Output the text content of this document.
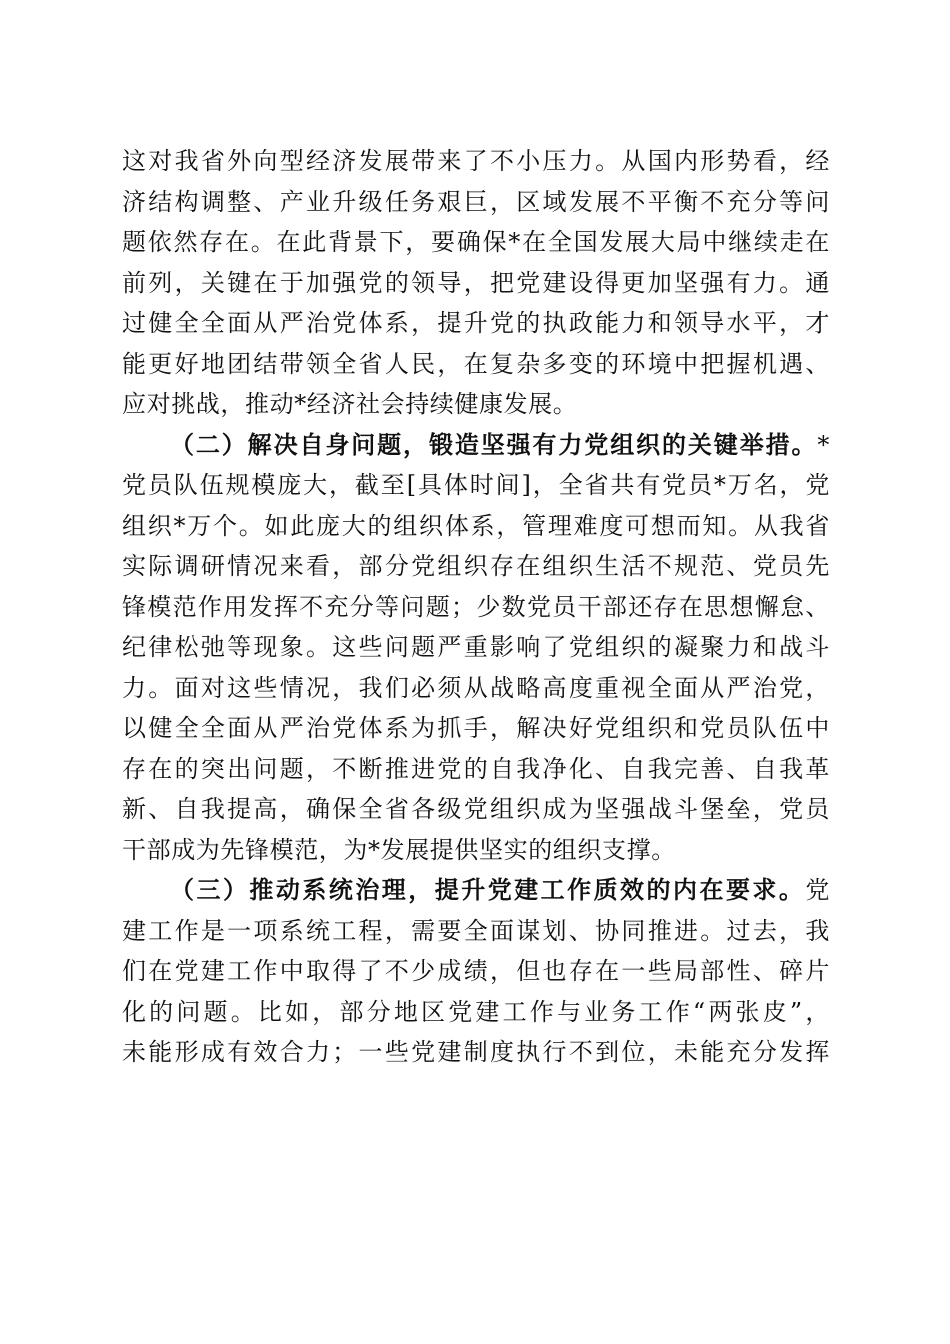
这对我省外向型经济发展带来了不小压力。从国内形势看，经
济结构调整、产业升级任务艰巨，区域发展不平衡不充分等问
题依然存在。在此背景下，要确保*在全国发展大局中继续走在
前列，关键在于加强党的领导，把党建设得更加坚强有力。通
过健全全面从严治党体系，提升党的执政能力和领导水平，才
能更好地团结带领全省人民，在复杂多变的环境中把握机遇、
应对挑战，推动*经济社会持续健康发展。
（二）解决自身问题，锻造坚强有力党组织的关键举措。*
党员队伍规模庞大，截至[具体时间]，全省共有党员*万名，党
组织*万个。如此庞大的组织体系，管理难度可想而知。从我省
实际调研情况来看，部分党组织存在组织生活不规范、党员先
锋模范作用发挥不充分等问题；少数党员干部还存在思想懈怠、
纪律松弛等现象。这些问题严重影响了党组织的凝聚力和战斗
力。面对这些情况，我们必须从战略高度重视全面从严治党，
以健全全面从严治党体系为抓手，解决好党组织和党员队伍中
存在的突出问题，不断推进党的自我净化、自我完善、自我革
新、自我提高，确保全省各级党组织成为坚强战斗堡垒，党员
干部成为先锋模范，为*发展提供坚实的组织支撑。
（三）推动系统治理，提升党建工作质效的内在要求。党
建工作是一项系统工程，需要全面谋划、协同推进。过去，我
们在党建工作中取得了不少成绩，但也存在一些局部性、碎片
化的问题。比如，部分地区党建工作与业务工作“两张皮”，
未能形成有效合力；一些党建制度执行不到位，未能充分发挥
